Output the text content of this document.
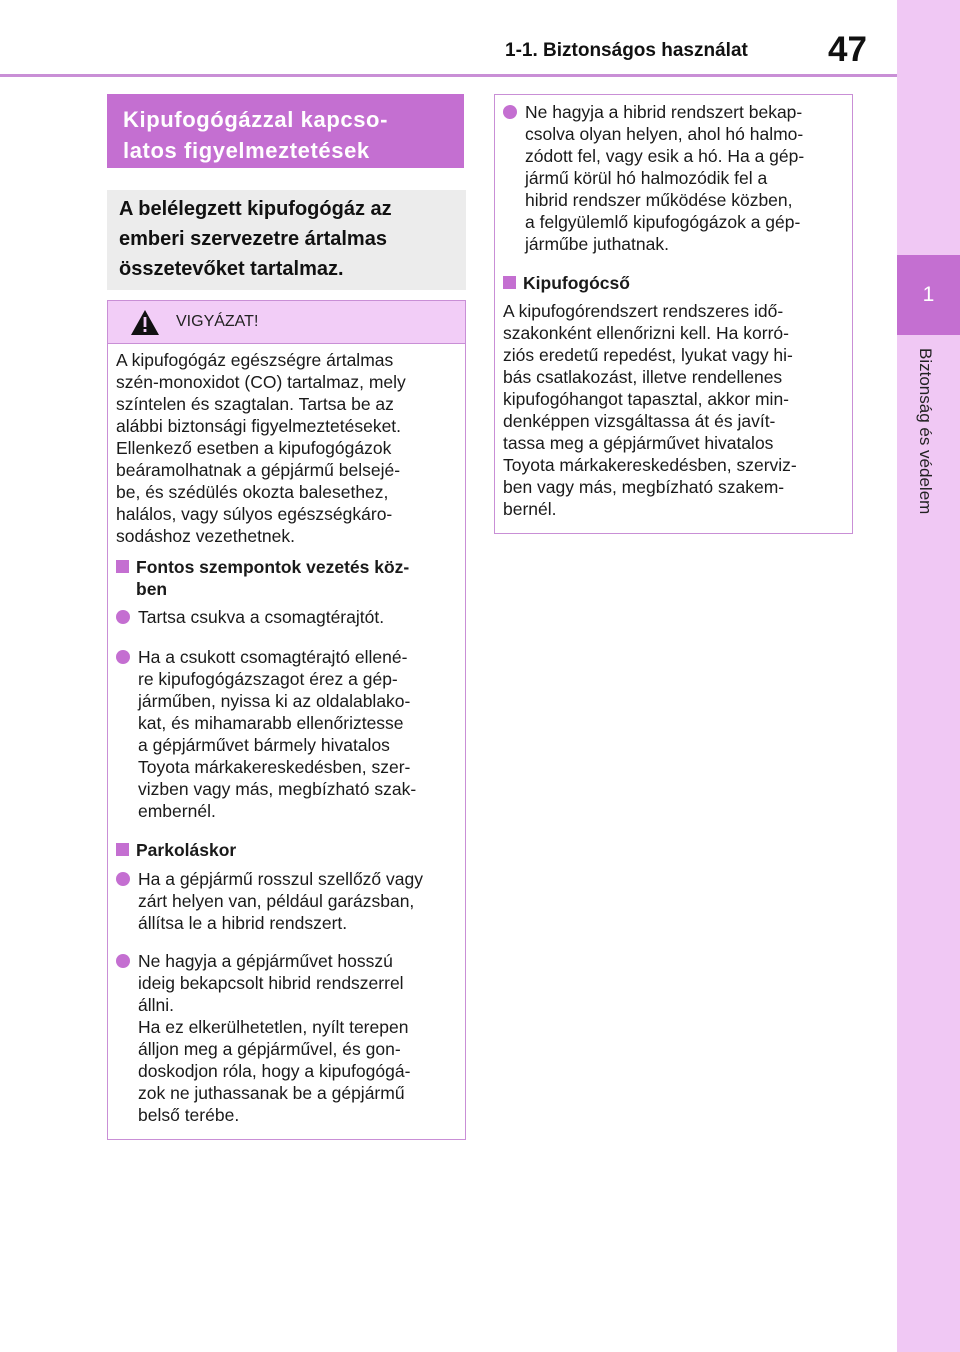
1-1. Biztonságos használat 47
1
Biztonság és védelem
Kipufogógázzal kapcso-
latos figyelmeztetések
A belélegzett kipufogógáz az
emberi szervezetre ártalmas
összetevőket tartalmaz.
VIGYÁZAT!
A kipufogógáz egészségre ártalmas
szén-monoxidot (CO) tartalmaz, mely
színtelen és szagtalan. Tartsa be az
alábbi biztonsági figyelmeztetéseket.
Ellenkező esetben a kipufogógázok
beáramolhatnak a gépjármű belsejé-
be, és szédülés okozta balesethez,
halálos, vagy súlyos egészségkáro-
sodáshoz vezethetnek.
Fontos szempontok vezetés köz-
ben
Tartsa csukva a csomagtérajtót.
Ha a csukott csomagtérajtó ellené-
re kipufogógázszagot érez a gép-
járműben, nyissa ki az oldalablako-
kat, és mihamarabb ellenőriztesse
a gépjárművet bármely hivatalos
Toyota márkakereskedésben, szer-
vizben vagy más, megbízható szak-
embernél.
Parkoláskor
Ha a gépjármű rosszul szellőző vagy
zárt helyen van, például garázsban,
állítsa le a hibrid rendszert.
Ne hagyja a gépjárművet hosszú
ideig bekapcsolt hibrid rendszerrel
állni.
Ha ez elkerülhetetlen, nyílt terepen
álljon meg a gépjárművel, és gon-
doskodjon róla, hogy a kipufogógá-
zok ne juthassanak be a gépjármű
belső terébe.
Ne hagyja a hibrid rendszert bekap-
csolva olyan helyen, ahol hó halmo-
zódott fel, vagy esik a hó. Ha a gép-
jármű körül hó halmozódik fel a
hibrid rendszer működése közben,
a felgyülemlő kipufogógázok a gép-
járműbe juthatnak.
Kipufogócső
A kipufogórendszert rendszeres idő-
szakonként ellenőrizni kell. Ha korró-
ziós eredetű repedést, lyukat vagy hi-
bás csatlakozást, illetve rendellenes
kipufogóhangot tapasztal, akkor min-
denképpen vizsgáltassa át és javít-
tassa meg a gépjárművet hivatalos
Toyota márkakereskedésben, szerviz-
ben vagy más, megbízható szakem-
bernél.
